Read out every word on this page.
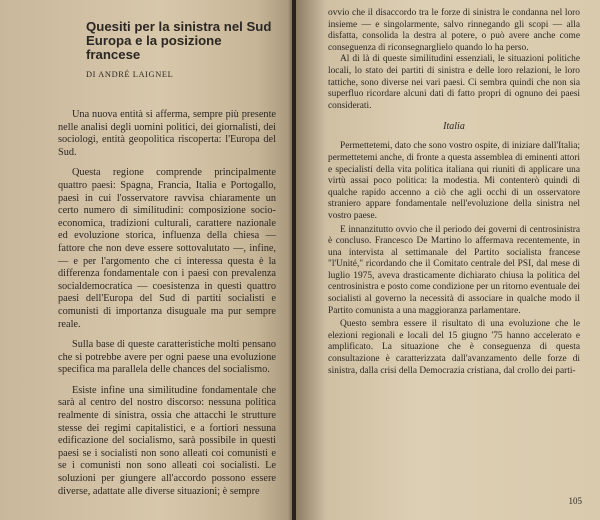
Quesiti per la sinistra nel Sud Europa e la posizione francese
DI ANDRÉ LAIGNEL

Una nuova entità si afferma, sempre più presente nelle analisi degli uomini politici, dei giornalisti, dei sociologi, entità geopolitica riscoperta: l'Europa del Sud.

Questa regione comprende principalmente quattro paesi: Spagna, Francia, Italia e Portogallo, paesi in cui l'osservatore ravvisa chiaramente un certo numero di similitudini: composizione socio-economica, tradizioni culturali, carattere nazionale ed evoluzione storica, influenza della chiesa — fattore che non deve essere sottovalutato —, infine, — e per l'argomento che ci interessa questa è la differenza fondamentale con i paesi con prevalenza socialdemocratica — coesistenza in questi quattro paesi dell'Europa del Sud di partiti socialisti e comunisti di importanza disuguale ma pur sempre reale.

Sulla base di queste caratteristiche molti pensano che si potrebbe avere per ogni paese una evoluzione specifica ma parallela delle chances del socialismo.

Esiste infine una similitudine fondamentale che sarà al centro del nostro discorso: nessuna politica realmente di sinistra, ossia che attacchi le strutture stesse dei regimi capitalistici, e a fortiori nessuna edificazione del socialismo, sarà possibile in questi paesi se i socialisti non sono alleati coi comunisti e se i comunisti non sono alleati coi socialisti. Le soluzioni per giungere all'accordo possono essere diverse, adattate alle diverse situazioni; è sempre

ovvio che il disaccordo tra le forze di sinistra le condanna nel loro insieme — e singolarmente, salvo rinnegando gli scopi — alla disfatta, consolida la destra al potere, o può avere anche come conseguenza di riconsegnarglielo quando lo ha perso.

Al di là di queste similitudini essenziali, le situazioni politiche locali, lo stato dei partiti di sinistra e delle loro relazioni, le loro tattiche, sono diverse nei vari paesi. Ci sembra quindi che non sia superfluo ricordare alcuni dati di fatto propri di ognuno dei paesi considerati.

Italia

Permettetemi, dato che sono vostro ospite, di iniziare dall'Italia; permettetemi anche, di fronte a questa assemblea di eminenti attori e specialisti della vita politica italiana qui riuniti di applicare una virtù assai poco politica: la modestia. Mi contenterò quindi di qualche rapido accenno a ciò che agli occhi di un osservatore straniero appare fondamentale nell'evoluzione della sinistra nel vostro paese.

E innanzitutto ovvio che il periodo dei governi di centrosinistra è concluso. Francesco De Martino lo affermava recentemente, in una intervista al settimanale del Partito socialista francese "l'Unité," ricordando che il Comitato centrale del PSI, dal mese di luglio 1975, aveva drasticamente dichiarato chiusa la politica del centrosinistra e posto come condizione per un ritorno eventuale dei socialisti al governo la necessità di associare in qualche modo il Partito comunista a una maggioranza parlamentare.

Questo sembra essere il risultato di una evoluzione che le elezioni regionali e locali del 15 giugno '75 hanno accelerato e amplificato. La situazione che è conseguenza di questa consultazione è caratterizzata dall'avanzamento delle forze di sinistra, dalla crisi della Democrazia cristiana, dal crollo dei parti-

105
